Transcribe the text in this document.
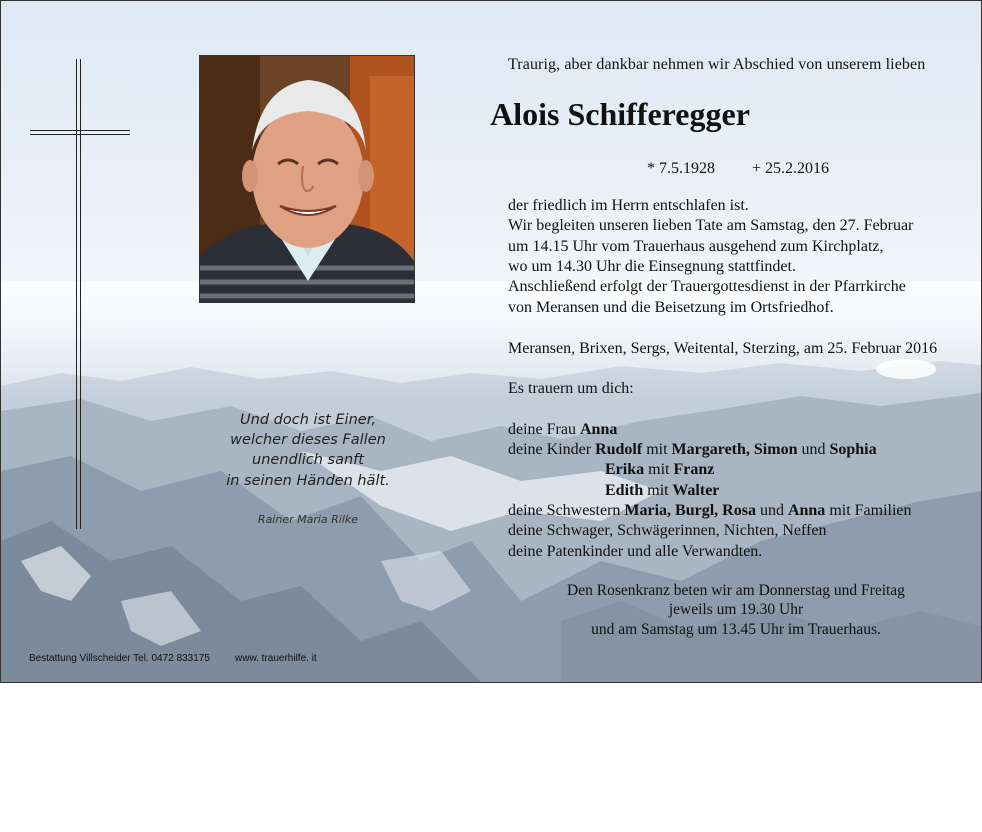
Traurig, aber dankbar nehmen wir Abschied von unserem lieben
Alois Schifferegger
* 7.5.1928 + 25.2.2016
der friedlich im Herrn entschlafen ist.
Wir begleiten unseren lieben Tate am Samstag, den 27. Februar
um 14.15 Uhr vom Trauerhaus ausgehend zum Kirchplatz,
wo um 14.30 Uhr die Einsegnung stattfindet.
Anschließend erfolgt der Trauergottesdienst in der Pfarrkirche
von Meransen und die Beisetzung im Ortsfriedhof.
Meransen, Brixen, Sergs, Weitental, Sterzing, am 25. Februar 2016
Es trauern um dich:
deine Frau Anna
deine Kinder Rudolf mit Margareth, Simon und Sophia
Erika mit Franz
Edith mit Walter
deine Schwestern Maria, Burgl, Rosa und Anna mit Familien
deine Schwager, Schwägerinnen, Nichten, Neffen
deine Patenkinder und alle Verwandten.
Den Rosenkranz beten wir am Donnerstag und Freitag
jeweils um 19.30 Uhr
und am Samstag um 13.45 Uhr im Trauerhaus.
Und doch ist Einer,
welcher dieses Fallen
unendlich sanft
in seinen Händen hält.
Rainer Maria Rilke
Bestattung Villscheider Tel. 0472 833175	www. trauerhilfe. it
